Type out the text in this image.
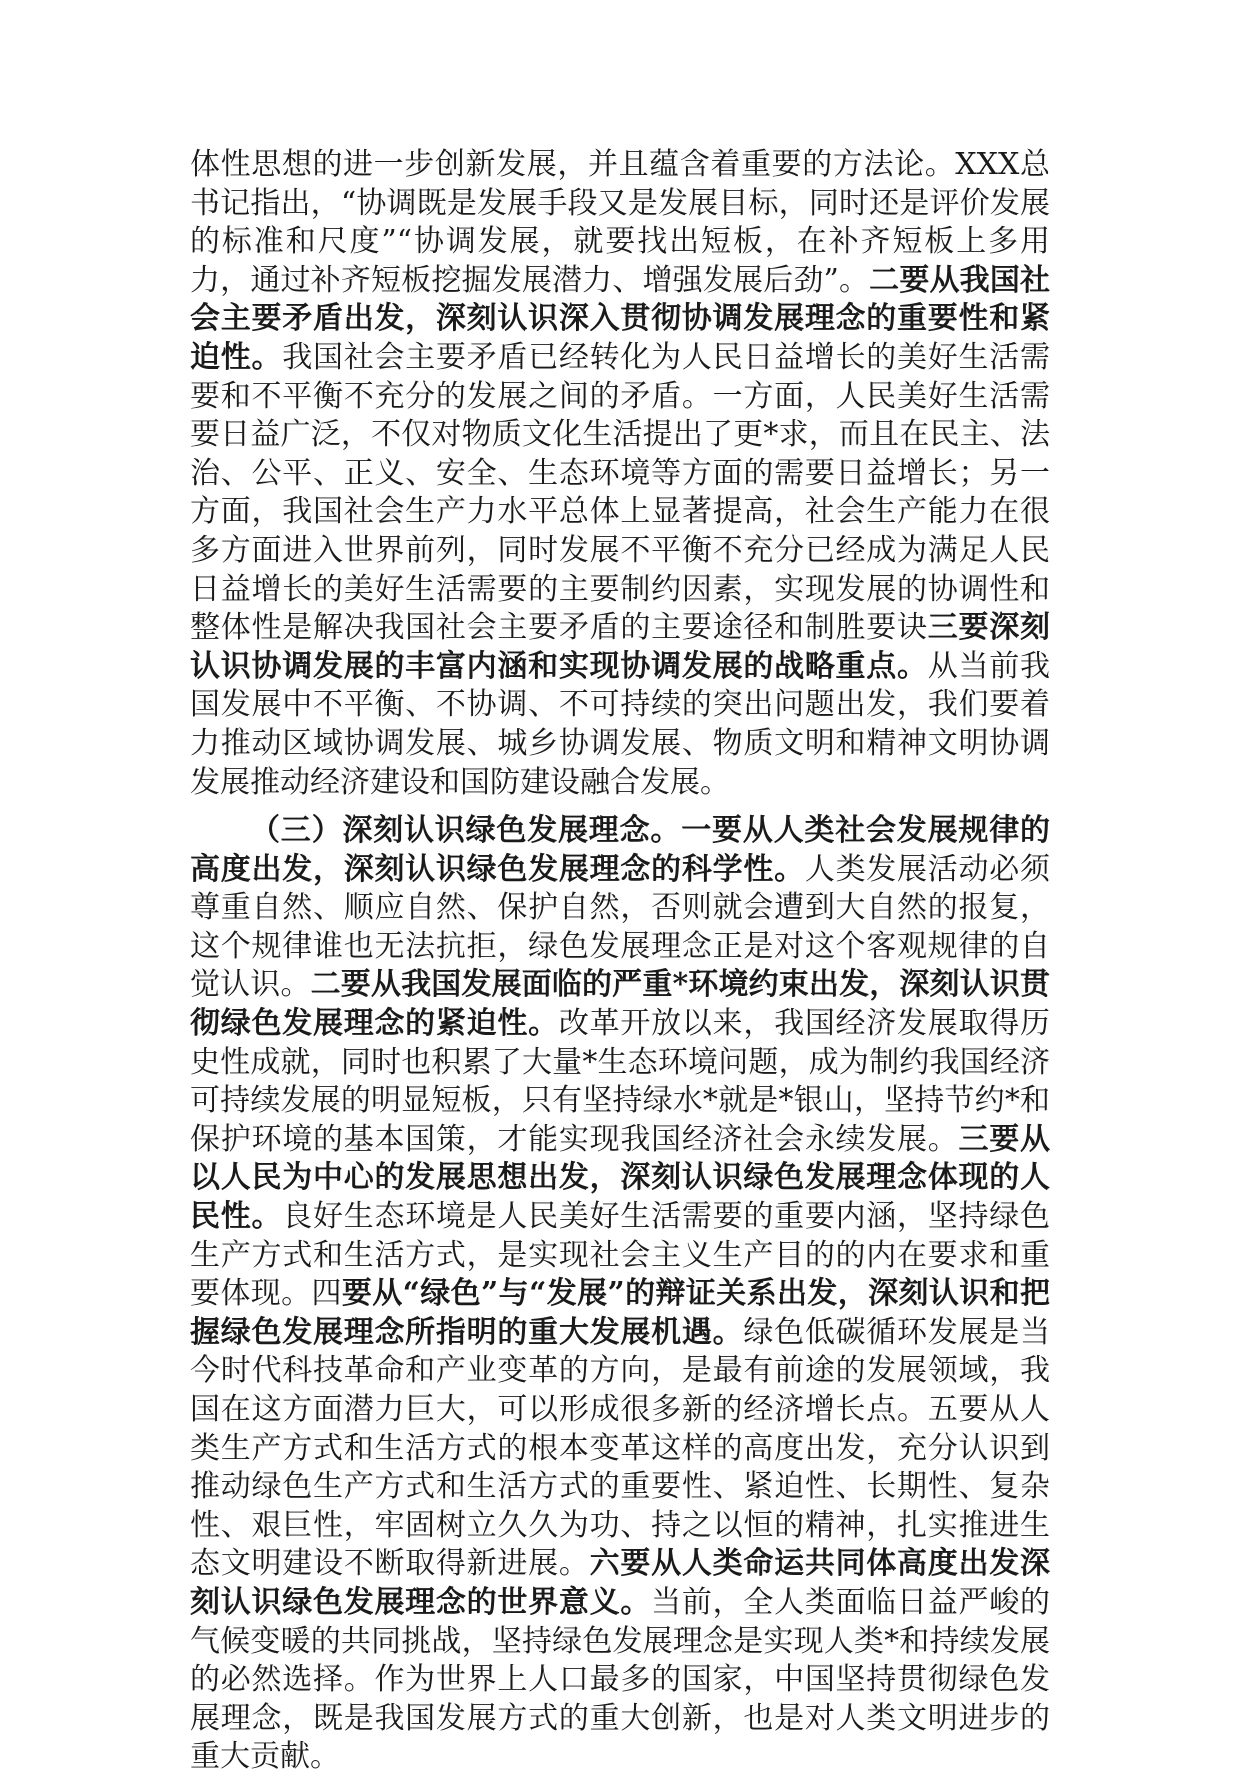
体性思想的进一步创新发展，并且蕴含着重要的方法论。XXX总书记指出，“协调既是发展手段又是发展目标，同时还是评价发展的标准和尺度”“协调发展，就要找出短板，在补齐短板上多用力，通过补齐短板挖掘发展潜力、增强发展后劲”。二要从我国社会主要矛盾出发，深刻认识深入贯彻协调发展理念的重要性和紧迫性。我国社会主要矛盾已经转化为人民日益增长的美好生活需要和不平衡不充分的发展之间的矛盾。一方面，人民美好生活需要日益广泛，不仅对物质文化生活提出了更*求，而且在民主、法治、公平、正义、安全、生态环境等方面的需要日益增长；另一方面，我国社会生产力水平总体上显著提高，社会生产能力在很多方面进入世界前列，同时发展不平衡不充分已经成为满足人民日益增长的美好生活需要的主要制约因素，实现发展的协调性和整体性是解决我国社会主要矛盾的主要途径和制胜要诀三要深刻认识协调发展的丰富内涵和实现协调发展的战略重点。从当前我国发展中不平衡、不协调、不可持续的突出问题出发，我们要着力推动区域协调发展、城乡协调发展、物质文明和精神文明协调发展推动经济建设和国防建设融合发展。

（三）深刻认识绿色发展理念。一要从人类社会发展规律的高度出发，深刻认识绿色发展理念的科学性。人类发展活动必须尊重自然、顺应自然、保护自然，否则就会遭到大自然的报复，这个规律谁也无法抗拒，绿色发展理念正是对这个客观规律的自觉认识。二要从我国发展面临的严重*环境约束出发，深刻认识贯彻绿色发展理念的紧迫性。改革开放以来，我国经济发展取得历史性成就，同时也积累了大量*生态环境问题，成为制约我国经济可持续发展的明显短板，只有坚持绿水*就是*银山，坚持节约*和保护环境的基本国策，才能实现我国经济社会永续发展。三要从以人民为中心的发展思想出发，深刻认识绿色发展理念体现的人民性。良好生态环境是人民美好生活需要的重要内涵，坚持绿色生产方式和生活方式，是实现社会主义生产目的的内在要求和重要体现。四要从“绿色”与“发展”的辩证关系出发，深刻认识和把握绿色发展理念所指明的重大发展机遇。绿色低碳循环发展是当今时代科技革命和产业变革的方向，是最有前途的发展领域，我国在这方面潜力巨大，可以形成很多新的经济增长点。五要从人类生产方式和生活方式的根本变革这样的高度出发，充分认识到推动绿色生产方式和生活方式的重要性、紧迫性、长期性、复杂性、艰巨性，牢固树立久久为功、持之以恒的精神，扎实推进生态文明建设不断取得新进展。六要从人类命运共同体高度出发深刻认识绿色发展理念的世界意义。当前，全人类面临日益严峻的气候变暖的共同挑战，坚持绿色发展理念是实现人类*和持续发展的必然选择。作为世界上人口最多的国家，中国坚持贯彻绿色发展理念，既是我国发展方式的重大创新，也是对人类文明进步的重大贡献。
